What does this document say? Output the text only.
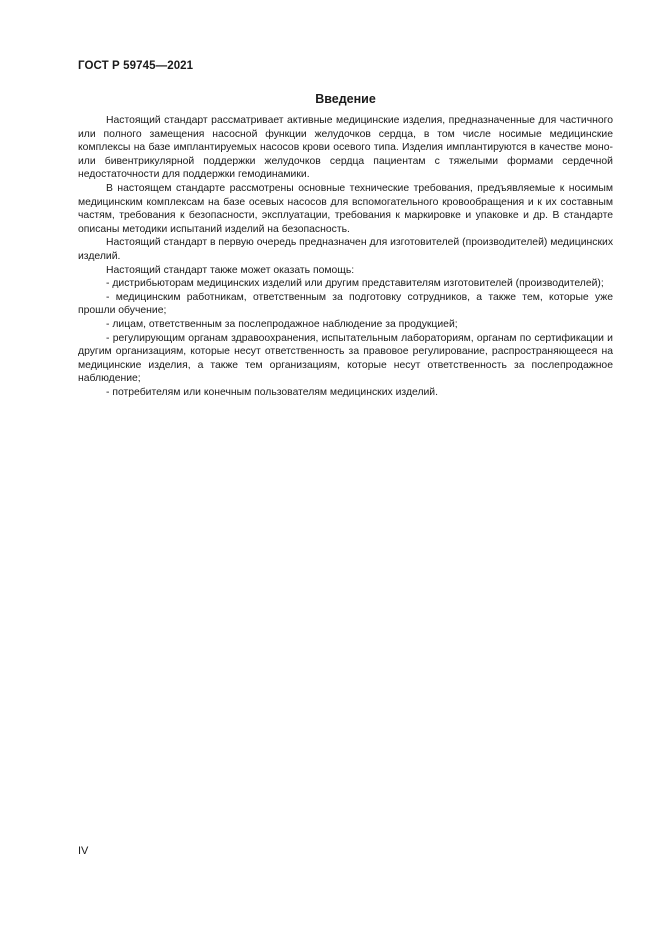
ГОСТ Р 59745—2021
Введение

Настоящий стандарт рассматривает активные медицинские изделия, предназначенные для частичного или полного замещения насосной функции желудочков сердца, в том числе носимые медицинские комплексы на базе имплантируемых насосов крови осевого типа. Изделия имплантируются в качестве моно- или бивентрикулярной поддержки желудочков сердца пациентам с тяжелыми формами сердечной недостаточности для поддержки гемодинамики.

В настоящем стандарте рассмотрены основные технические требования, предъявляемые к носимым медицинским комплексам на базе осевых насосов для вспомогательного кровообращения и к их составным частям, требования к безопасности, эксплуатации, требования к маркировке и упаковке и др. В стандарте описаны методики испытаний изделий на безопасность.

Настоящий стандарт в первую очередь предназначен для изготовителей (производителей) медицинских изделий.

Настоящий стандарт также может оказать помощь:

- дистрибьюторам медицинских изделий или другим представителям изготовителей (производителей);

- медицинским работникам, ответственным за подготовку сотрудников, а также тем, которые уже прошли обучение;

- лицам, ответственным за послепродажное наблюдение за продукцией;

- регулирующим органам здравоохранения, испытательным лабораториям, органам по сертификации и другим организациям, которые несут ответственность за правовое регулирование, распространяющееся на медицинские изделия, а также тем организациям, которые несут ответственность за послепродажное наблюдение;

- потребителям или конечным пользователям медицинских изделий.

IV
